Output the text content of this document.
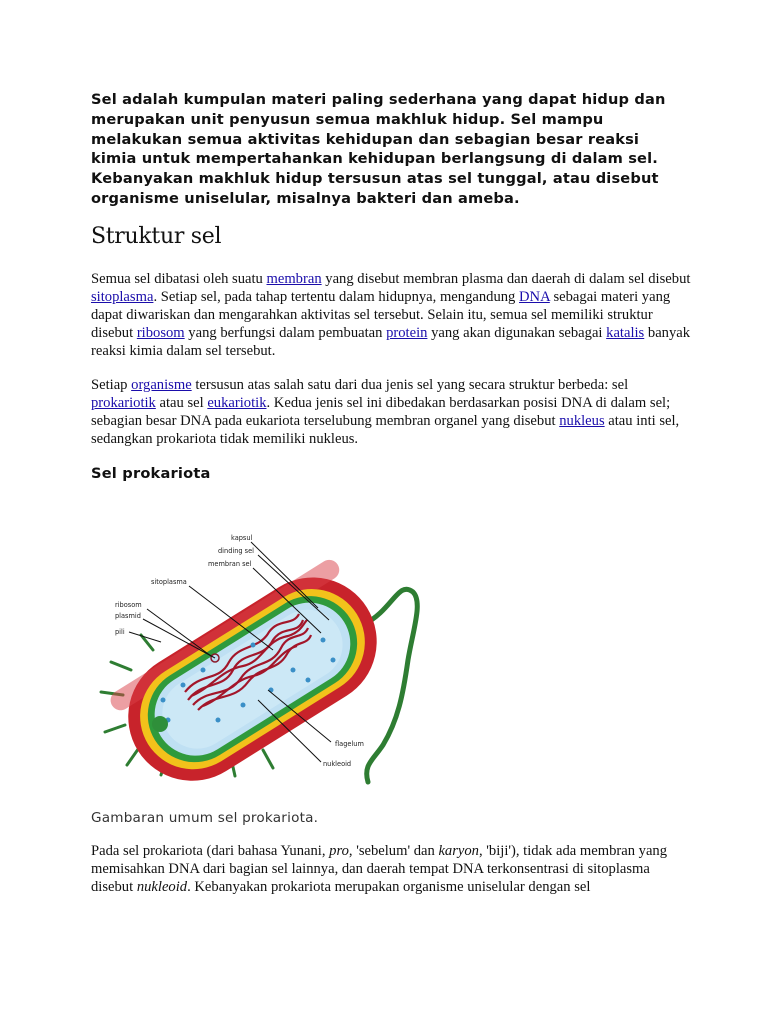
Sel adalah kumpulan materi paling sederhana yang dapat hidup dan merupakan unit penyusun semua makhluk hidup. Sel mampu melakukan semua aktivitas kehidupan dan sebagian besar reaksi kimia untuk mempertahankan kehidupan berlangsung di dalam sel. Kebanyakan makhluk hidup tersusun atas sel tunggal, atau disebut organisme uniselular, misalnya bakteri dan ameba.

Struktur sel

Semua sel dibatasi oleh suatu membran yang disebut membran plasma dan daerah di dalam sel disebut sitoplasma. Setiap sel, pada tahap tertentu dalam hidupnya, mengandung DNA sebagai materi yang dapat diwariskan dan mengarahkan aktivitas sel tersebut. Selain itu, semua sel memiliki struktur disebut ribosom yang berfungsi dalam pembuatan protein yang akan digunakan sebagai katalis banyak reaksi kimia dalam sel tersebut.

Setiap organisme tersusun atas salah satu dari dua jenis sel yang secara struktur berbeda: sel prokariotik atau sel eukariotik. Kedua jenis sel ini dibedakan berdasarkan posisi DNA di dalam sel; sebagian besar DNA pada eukariota terselubung membran organel yang disebut nukleus atau inti sel, sedangkan prokariota tidak memiliki nukleus.

Sel prokariota
kapsul
dinding sel
membran sel
sitoplasma
ribosom
plasmid
pili
flagelum
nukleoid

Gambaran umum sel prokariota.

Pada sel prokariota (dari bahasa Yunani, pro, 'sebelum' dan karyon, 'biji'), tidak ada membran yang memisahkan DNA dari bagian sel lainnya, dan daerah tempat DNA terkonsentrasi di sitoplasma disebut nukleoid. Kebanyakan prokariota merupakan organisme uniselular dengan sel
